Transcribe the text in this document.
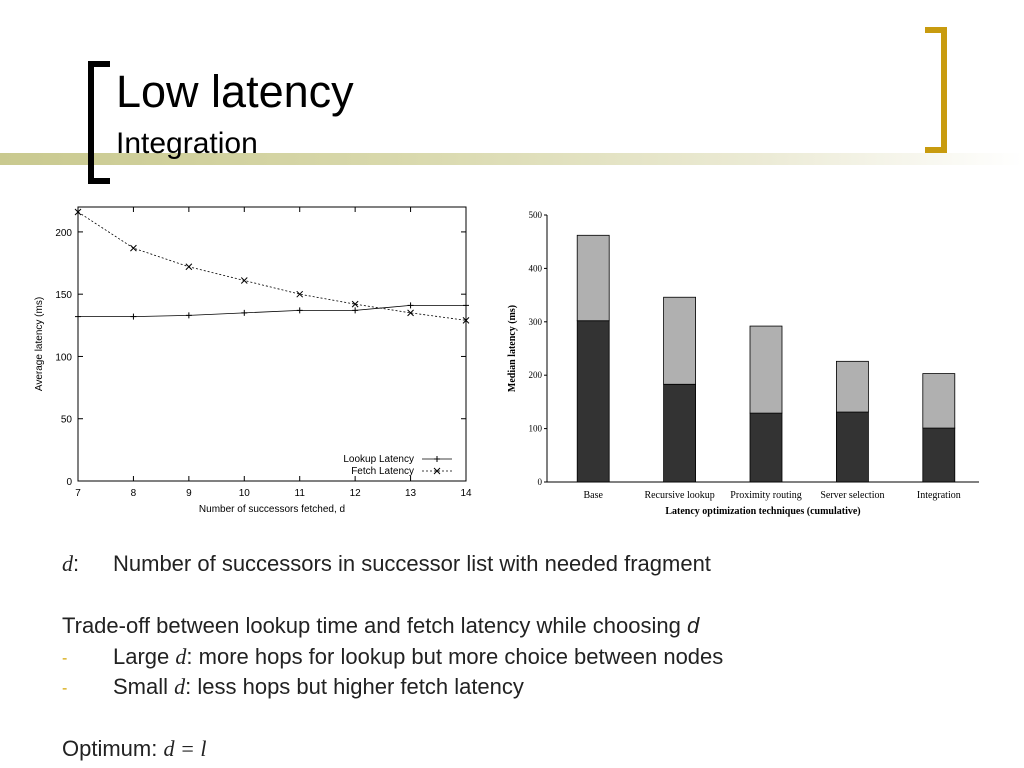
Low latency
Integration
7	8	9	10	11	12	13	14
0
50
100
150
200
Number of successors fetched, d
Average latency (ms)
Lookup Latency
Fetch Latency
0
100
200
300
400
500
Base	Recursive lookup Proximity routing Server selection	Integration
Latency optimization techniques (cumulative)
Median latency (ms)
d: Number of successors in successor list with needed fragment
Trade-off between lookup time and fetch latency while choosing d
- Large d: more hops for lookup but more choice between nodes
- Small d: less hops but higher fetch latency
Optimum: d = l
